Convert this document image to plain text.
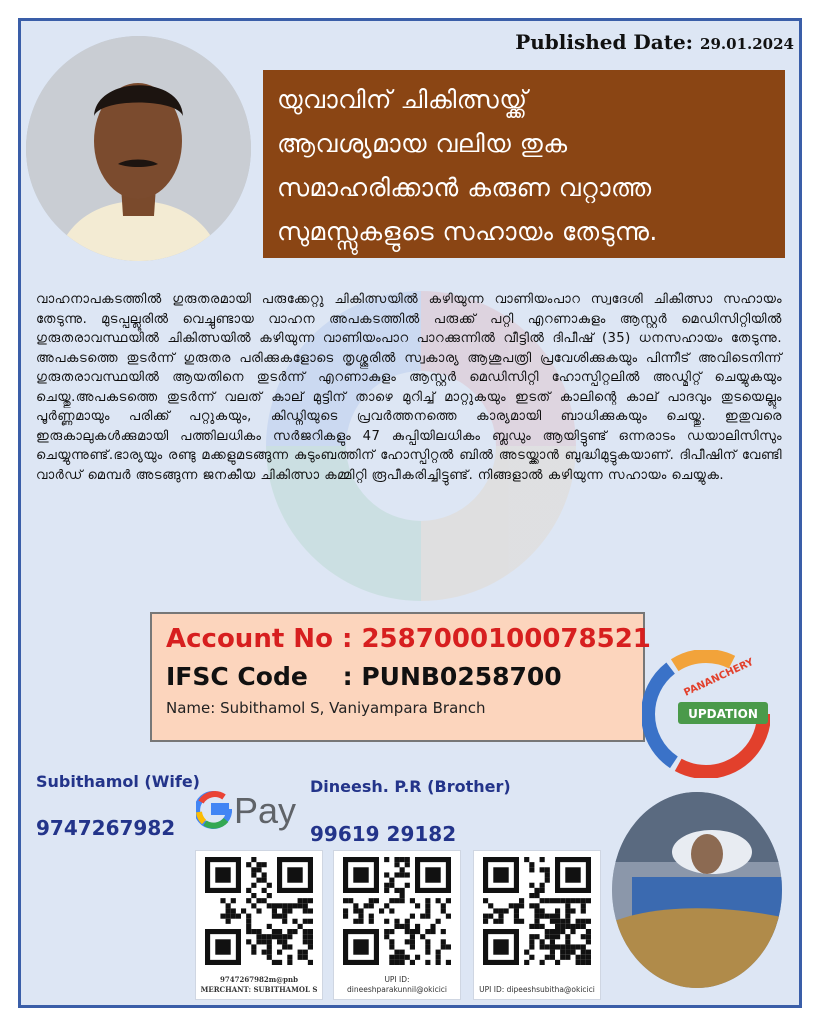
Published Date: 29.01.2024
യുവാവിന് ചികിത്സയ്ക്ക്
ആവശ്യമായ വലിയ തുക
സമാഹരിക്കാൻ കരുണ വറ്റാത്ത
സുമസ്സുകളുടെ സഹായം തേടുന്നു.
വാഹനാപകടത്തിൽ ഗുരുതരമായി പരുക്കേറ്റു ചികിത്സയിൽ കഴിയുന്ന വാണിയംപാറ സ്വദേശി ചികിത്സാ സഹായം തേടുന്നു. മുടപ്പല്ലൂരിൽ വെച്ചുണ്ടായ വാഹന അപകടത്തിൽ പരുക്ക് പറ്റി എറണാകുളം ആസ്റ്റർ മെഡിസിറ്റിയിൽ ഗുരുതരാവസ്ഥയിൽ ചികിത്സയിൽ കഴിയുന്ന വാണിയംപാറ പാറക്കുന്നിൽ വീട്ടിൽ ദിപീഷ് (35) ധനസഹായം തേടുന്നു. അപകടത്തെ തുടർന്ന് ഗുരുതര പരിക്കുകളോടെ തൃശ്ശൂരിൽ സ്വകാര്യ ആശുപത്രി പ്രവേശിക്കുകയും പിന്നീട് അവിടെനിന്ന് ഗുരുതരാവസ്ഥയിൽ ആയതിനെ തുടർന്ന് എറണാകുളം ആസ്റ്റർ മെഡിസിറ്റി ഹോസ്പിറ്റലിൽ അഡ്മിറ്റ് ചെയ്യുകയും ചെയ്തു.അപകടത്തെ തുടർന്ന് വലത് കാല് മുട്ടിന് താഴെ മുറിച്ച് മാറ്റുകയും ഇടത് കാലിന്റെ കാല് പാദവും തുടയെല്ലും പൂർണ്ണമായും പരിക്ക് പറ്റുകയും, കിഡ്നിയുടെ പ്രവർത്തനത്തെ കാര്യമായി ബാധിക്കുകയും ചെയ്തു. ഇതുവരെ ഇരുകാലുകൾക്കുമായി പത്തിലധികം സർജറികളും 47 കുപ്പിയിലധികം ബ്ലഡും ആയിട്ടുണ്ട് ഒന്നരാടം ഡയാലിസിസും ചെയ്യുന്നുണ്ട്.ഭാര്യയും രണ്ടു മക്കളുമടങ്ങുന്ന കുടുംബത്തിന് ഹോസ്പിറ്റൽ ബിൽ അടയ്ക്കാൻ ബുദ്ധിമുട്ടുകയാണ്. ദിപീഷിന് വേണ്ടി വാർഡ് മെമ്പർ അടങ്ങുന്ന ജനകീയ ചികിത്സാ കമ്മിറ്റി രൂപീകരിച്ചിട്ടുണ്ട്. നിങ്ങളാൽ കഴിയുന്ന സഹായം ചെയ്യുക.
Account No : 2587000100078521
IFSC Code    : PUNB0258700
Name: Subithamol S, Vaniyampara Branch	UPDATION
PANANCHERY
Subithamol (Wife)
9747267982 Pay
Dineesh. P.R (Brother)
99619 29182
9747267982m@pnb
MERCHANT: SUBITHAMOL S
UPI ID: dineeshparakunnil@okicici	UPI ID: dipeeshsubitha@okicici
